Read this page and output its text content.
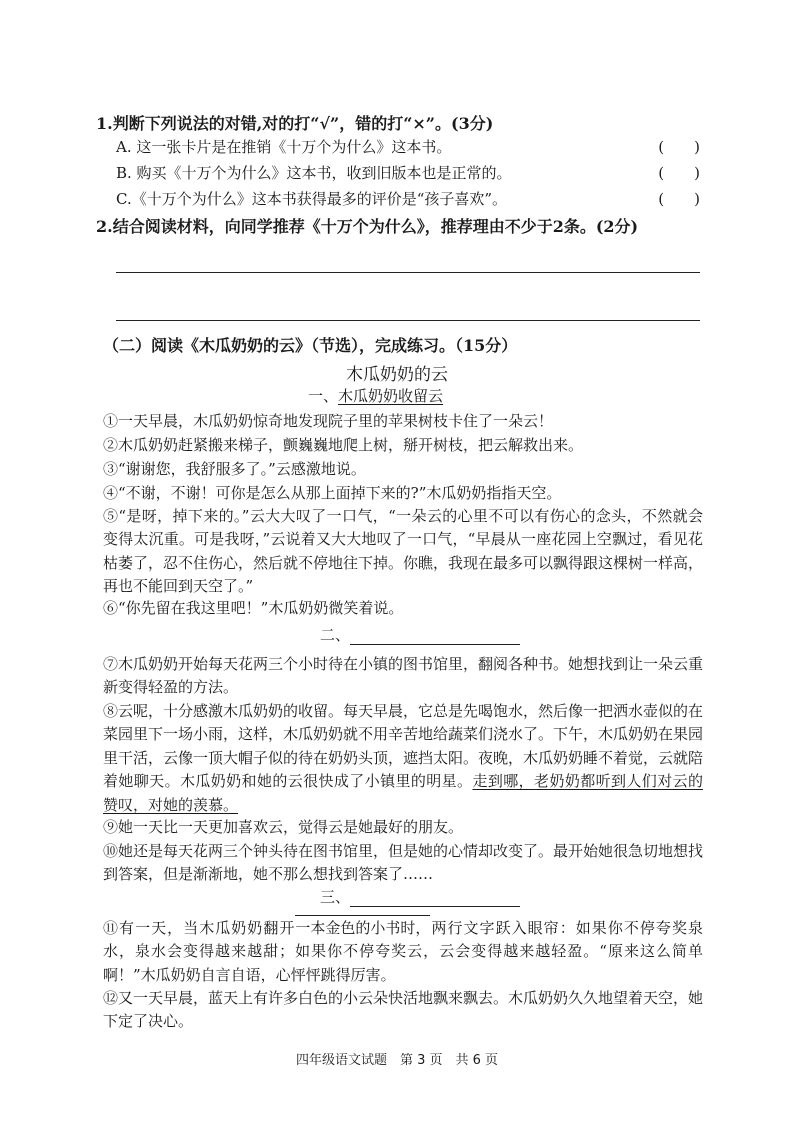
1.判断下列说法的对错,对的打“√”，错的打“×”。(3分)
A. 这一张卡片是在推销《十万个为什么》这本书。	(　　)
B. 购买《十万个为什么》这本书，收到旧版本也是正常的。	(　　)
C.《十万个为什么》这本书获得最多的评价是“孩子喜欢”。	(　　)
2.结合阅读材料，向同学推荐《十万个为什么》，推荐理由不少于2条。(2分)
（二）阅读《木瓜奶奶的云》（节选），完成练习。（15分）
木瓜奶奶的云
一、木瓜奶奶收留云
①一天早晨，木瓜奶奶惊奇地发现院子里的苹果树枝卡住了一朵云！
②木瓜奶奶赶紧搬来梯子，颤巍巍地爬上树，掰开树枝，把云解救出来。
③“谢谢您，我舒服多了。”云感激地说。
④“不谢，不谢！可你是怎么从那上面掉下来的?”木瓜奶奶指指天空。
⑤“是呀，掉下来的。”云大大叹了一口气，“一朵云的心里不可以有伤心的念头，不然就会变得太沉重。可是我呀，”云说着又大大地叹了一口气，“早晨从一座花园上空飘过，看见花枯萎了，忍不住伤心，然后就不停地往下掉。你瞧，我现在最多可以飘得跟这棵树一样高，再也不能回到天空了。”
⑥“你先留在我这里吧！”木瓜奶奶微笑着说。
二、
⑦木瓜奶奶开始每天花两三个小时待在小镇的图书馆里，翻阅各种书。她想找到让一朵云重新变得轻盈的方法。
⑧云呢，十分感激木瓜奶奶的收留。每天早晨，它总是先喝饱水，然后像一把洒水壶似的在菜园里下一场小雨，这样，木瓜奶奶就不用辛苦地给蔬菜们浇水了。下午，木瓜奶奶在果园里干活，云像一顶大帽子似的待在奶奶头顶，遮挡太阳。夜晚，木瓜奶奶睡不着觉，云就陪着她聊天。木瓜奶奶和她的云很快成了小镇里的明星。走到哪，老奶奶都听到人们对云的赞叹，对她的羡慕。
⑨她一天比一天更加喜欢云，觉得云是她最好的朋友。
⑩她还是每天花两三个钟头待在图书馆里，但是她的心情却改变了。最开始她很急切地想找到答案，但是渐渐地，她不那么想找到答案了……
三、
⑪有一天，当木瓜奶奶翻开一本金色的小书时，两行文字跃入眼帘：如果你不停夸奖泉水，泉水会变得越来越甜；如果你不停夸奖云，云会变得越来越轻盈。“原来这么简单啊！”木瓜奶奶自言自语，心怦怦跳得厉害。
⑫又一天早晨，蓝天上有许多白色的小云朵快活地飘来飘去。木瓜奶奶久久地望着天空，她下定了决心。
四年级语文试题　第 3 页　共 6 页
